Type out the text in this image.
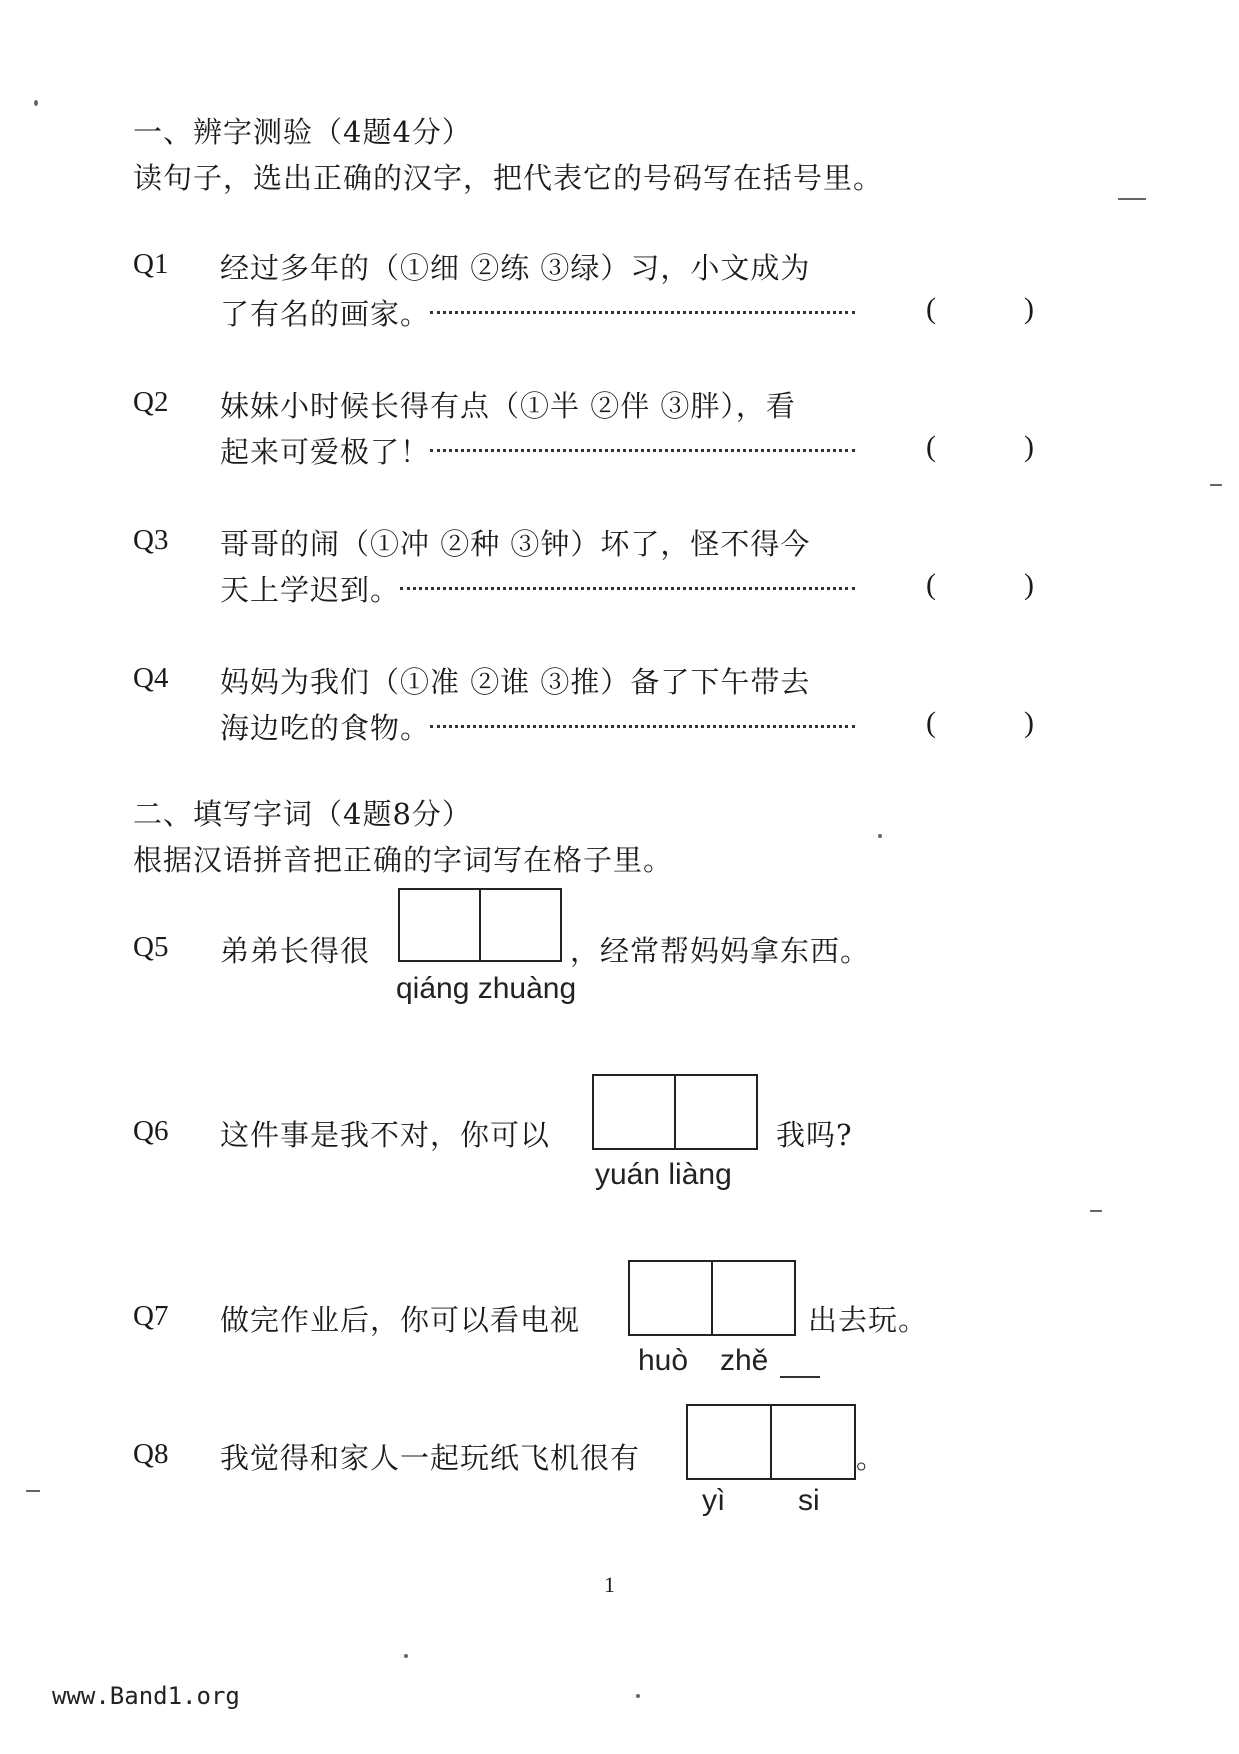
一、辨字测验（4题4分）
读句子，选出正确的汉字，把代表它的号码写在括号里。
Q1 经过多年的（①细 ②练 ③绿）习，小文成为
了有名的画家。	(	)
Q2 妹妹小时候长得有点（①半 ②伴 ③胖），看
起来可爱极了！	(	)
Q3 哥哥的闹（①冲 ②种 ③钟）坏了，怪不得今
天上学迟到。	(	)
Q4 妈妈为我们（①准 ②谁 ③推）备了下午带去
海边吃的食物。	(	)
二、填写字词（4题8分）
根据汉语拼音把正确的字词写在格子里。
Q5 弟弟长得很	，经常帮妈妈拿东西。
qiáng zhuàng
Q6 这件事是我不对，你可以	我吗?
yuán liàng
Q7 做完作业后，你可以看电视	出去玩。
huò zhě
Q8 我觉得和家人一起玩纸飞机很有	。
yì si
1
www.Band1.org
